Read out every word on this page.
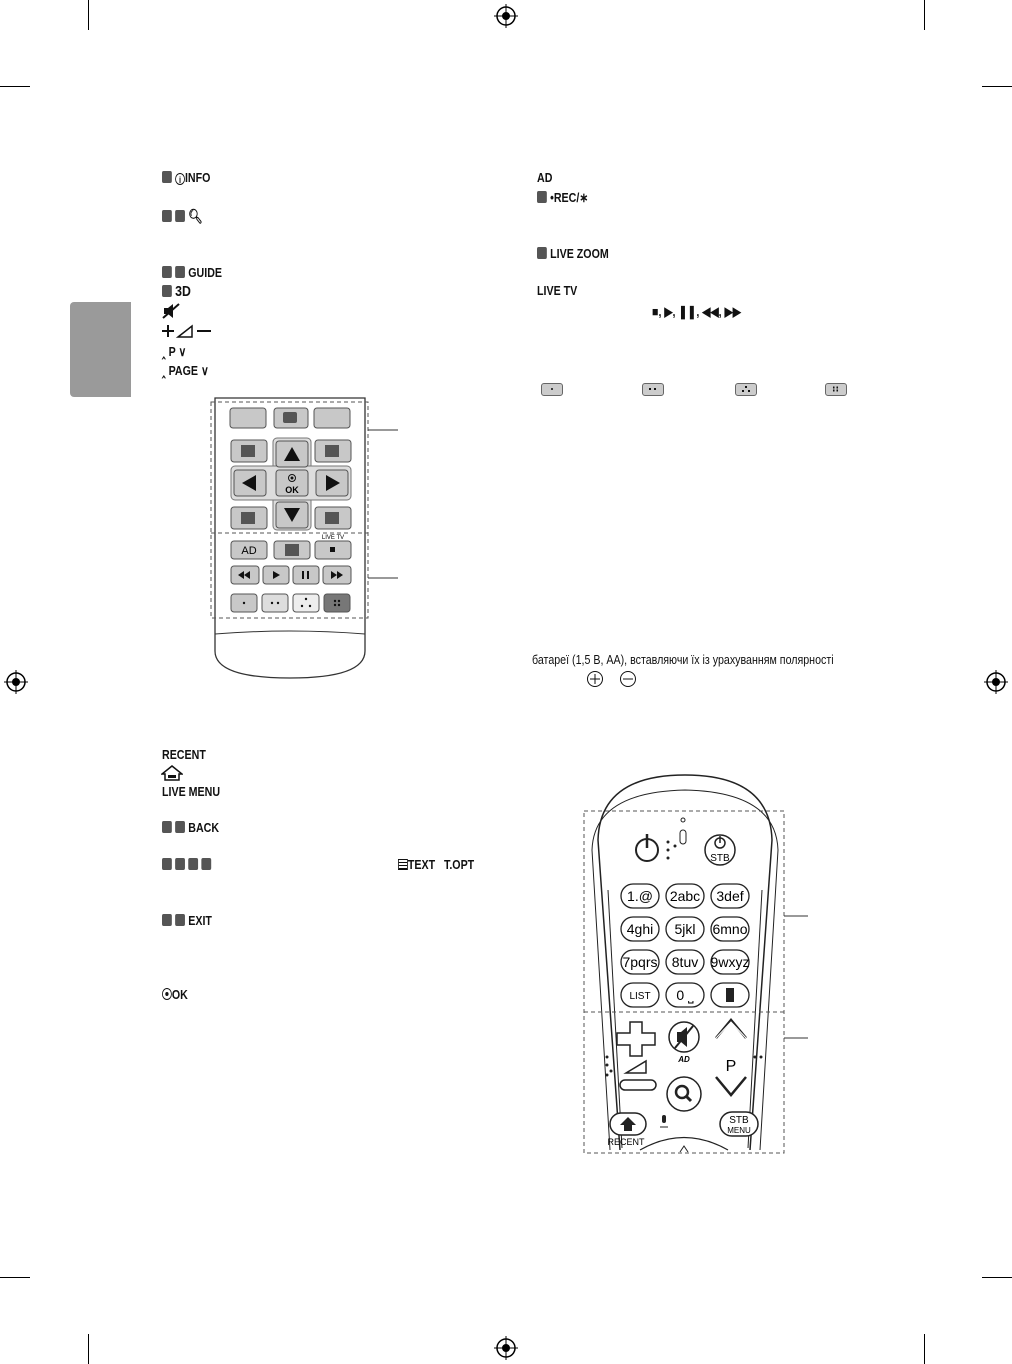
i INFO
🔍︎
GUIDE
3D
‸ P ∨
‸ PAGE ∨
AD
•REC/∗
LIVE ZOOM
LIVE TV
■, ▶, ❚❚, ◀◀, ▶▶

OK
AD
LIVE TV
батареї (1,5 В, AA), вставляючи їх із урахуванням полярності
RECENT
LIVE MENU
BACK
TEXT T.OPT
EXIT
OK
STB
1.@ 2abc 3def
4ghi 5jkl 6mno
7pqrs 8tuv 9wxyz
LIST 0 ⎵
AD P
RECENT
STB
MENU
